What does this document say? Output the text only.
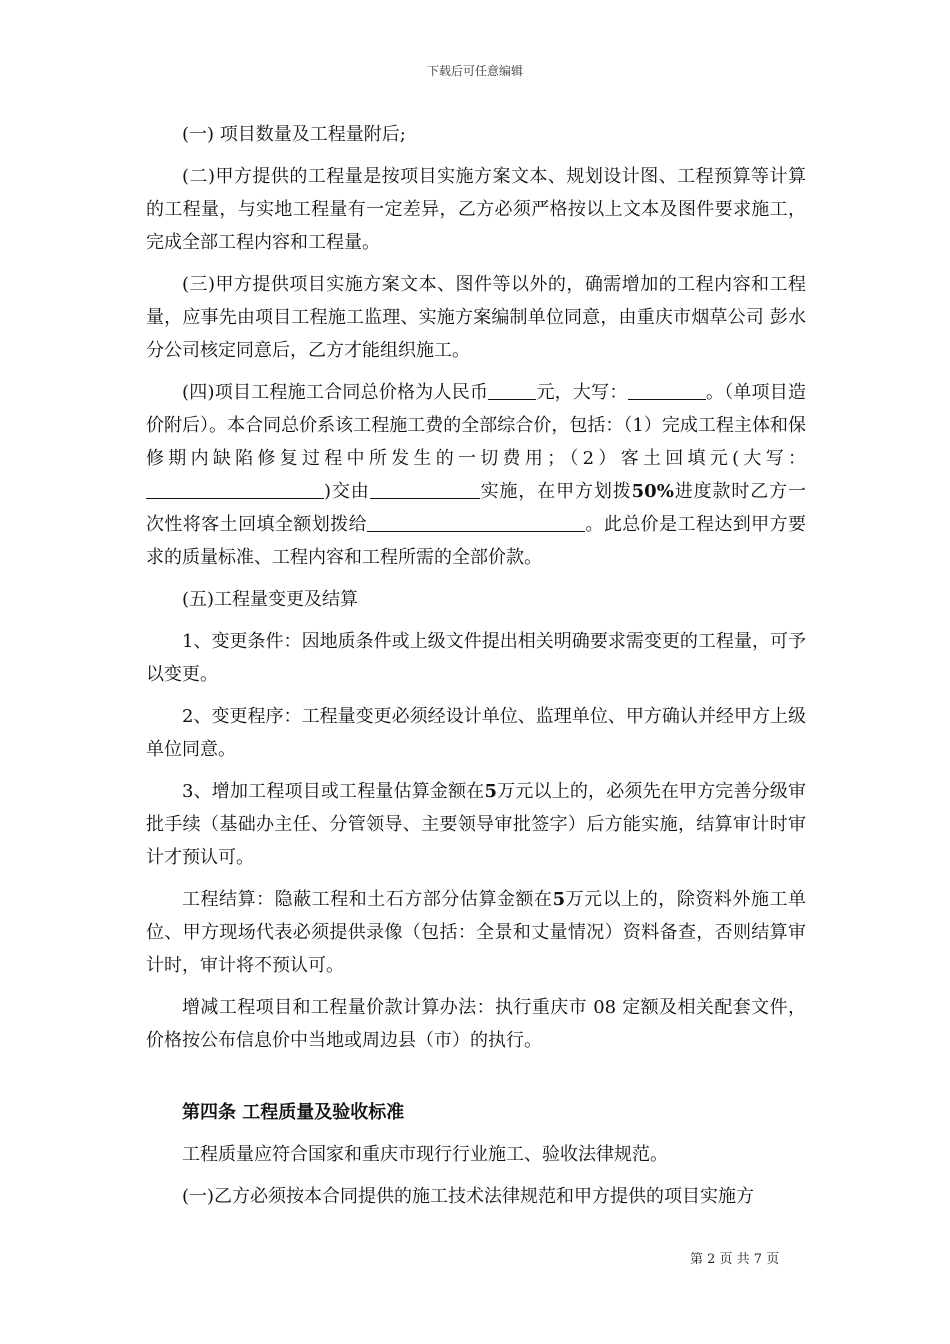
下载后可任意编辑

(一) 项目数量及工程量附后;

(二)甲方提供的工程量是按项目实施方案文本、规划设计图、工程预算等计算的工程量，与实地工程量有一定差异，乙方必须严格按以上文本及图件要求施工，完成全部工程内容和工程量。

(三)甲方提供项目实施方案文本、图件等以外的，确需增加的工程内容和工程量，应事先由项目工程施工监理、实施方案编制单位同意，由重庆市烟草公司 彭水 分公司核定同意后，乙方才能组织施工。

(四)项目工程施工合同总价格为人民币	元，大写：	。（单项目造价附后）。本合同总价系该工程施工费的全部综合价，包括：（1）完成工程主体和保修期内缺陷修复过程中所发生的一切费用；（2）客土回填元(大写：)交由	实施，在甲方划拨50%进度款时乙方一次性将客土回填全额划拨给	。此总价是工程达到甲方要求的质量标准、工程内容和工程所需的全部价款。

(五)工程量变更及结算

1、变更条件：因地质条件或上级文件提出相关明确要求需变更的工程量，可予以变更。

2、变更程序：工程量变更必须经设计单位、监理单位、甲方确认并经甲方上级单位同意。

3、增加工程项目或工程量估算金额在5万元以上的，必须先在甲方完善分级审批手续（基础办主任、分管领导、主要领导审批签字）后方能实施，结算审计时审计才预认可。

工程结算：隐蔽工程和土石方部分估算金额在5万元以上的，除资料外施工单位、甲方现场代表必须提供录像（包括：全景和丈量情况）资料备查，否则结算审计时，审计将不预认可。

增减工程项目和工程量价款计算办法：执行重庆市 08 定额及相关配套文件，价格按公布信息价中当地或周边县（市）的执行。

第四条 工程质量及验收标准

工程质量应符合国家和重庆市现行行业施工、验收法律规范。

(一)乙方必须按本合同提供的施工技术法律规范和甲方提供的项目实施方

第 2 页 共 7 页
